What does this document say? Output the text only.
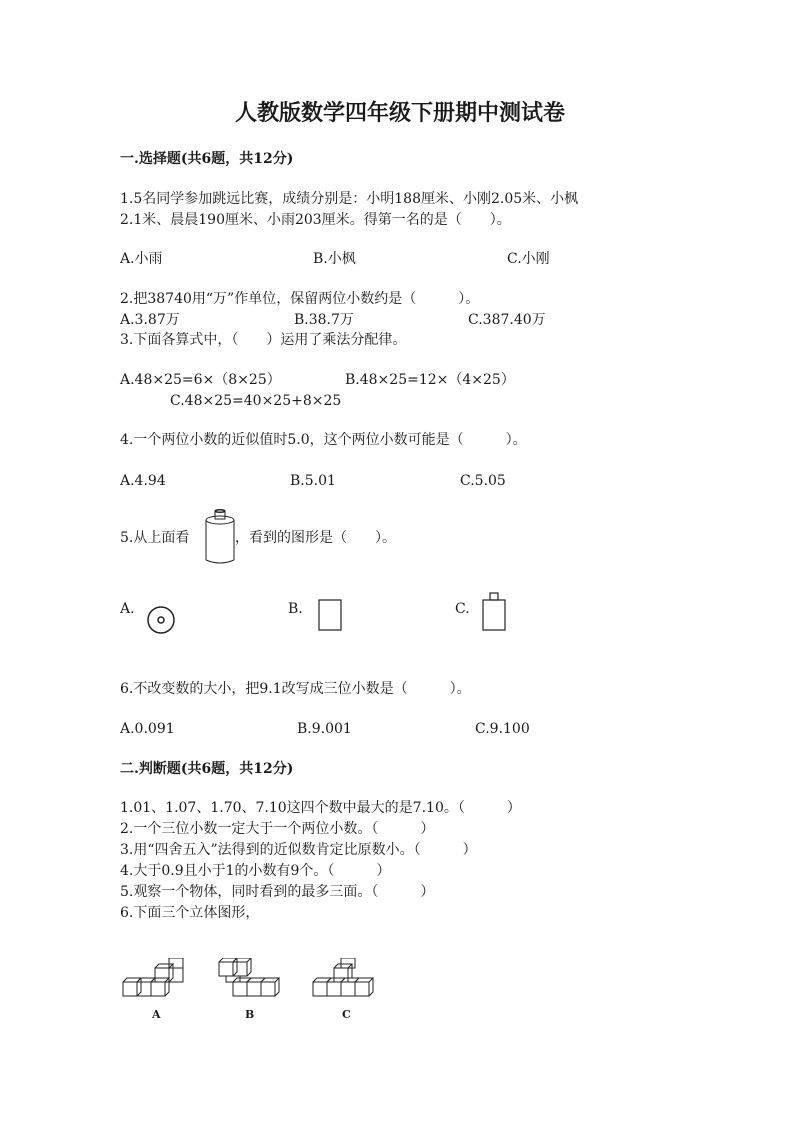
人教版数学四年级下册期中测试卷
一.选择题(共6题，共12分)
1.5名同学参加跳远比赛，成绩分别是：小明188厘米、小刚2.05米、小枫
2.1米、晨晨190厘米、小雨203厘米。得第一名的是（　　）。
A.小雨	B.小枫	C.小刚
2.把38740用“万”作单位，保留两位小数约是（　　　）。
A.3.87万	B.38.7万	C.387.40万
3.下面各算式中，（　　）运用了乘法分配律。
A.48×25=6×（8×25）	B.48×25=12×（4×25）
C.48×25=40×25+8×25
4.一个两位小数的近似值时5.0，这个两位小数可能是（　　　）。
A.4.94	B.5.01	C.5.05
5.从上面看	，看到的图形是（　　）。
A.	B.	C.
6.不改变数的大小，把9.1改写成三位小数是（　　　）。
A.0.091	B.9.001	C.9.100
二.判断题(共6题，共12分)
1.01、1.07、1.70、7.10这四个数中最大的是7.10。（　　　）
2.一个三位小数一定大于一个两位小数。（　　　）
3.用“四舍五入”法得到的近似数肯定比原数小。（　　　）
4.大于0.9且小于1的小数有9个。（　　　）
5.观察一个物体，同时看到的最多三面。（　　　）
6.下面三个立体图形，
A	B	C
